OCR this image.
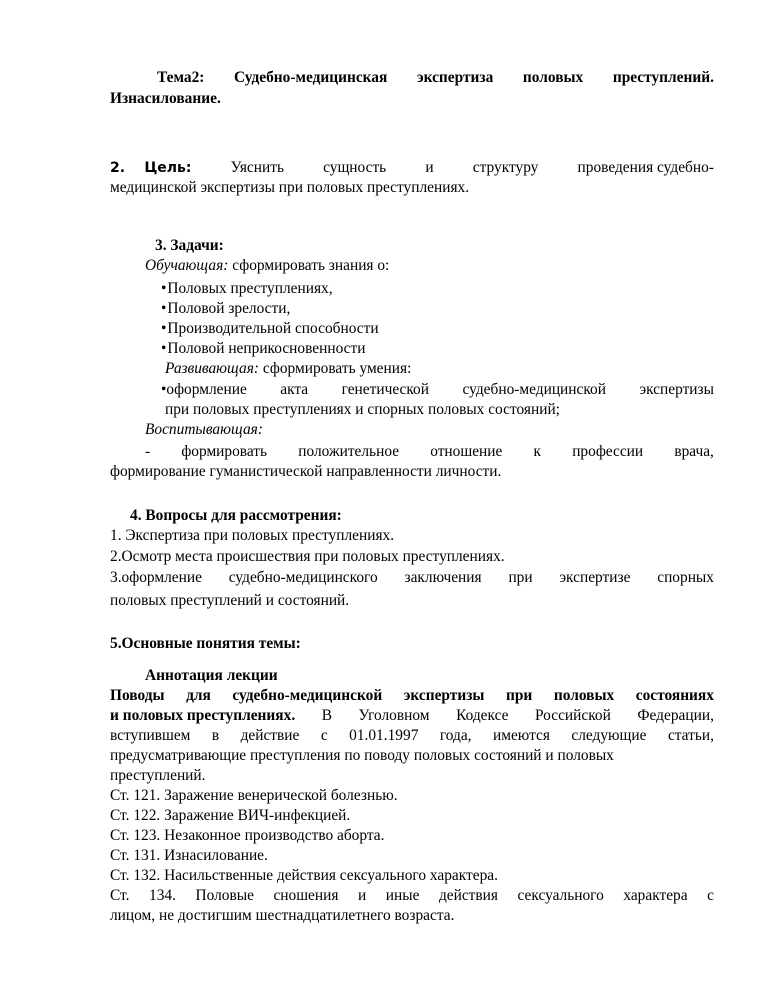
Тема2: Судебно-медицинская экспертиза половых преступлений.
Изнасилование.
2. Цель:	Уяснить	сущность	и	структуру	проведения судебно-
медицинской экспертизы при половых преступлениях.
3. Задачи:
Обучающая: сформировать знания о:
• Половых преступлениях,
• Половой зрелости,
• Производительной способности
• Половой неприкосновенности
Развивающая: сформировать умения:
•оформление акта генетической судебно-медицинской экспертизы
при половых преступлениях и спорных половых состояний;
Воспитывающая:
- формировать положительное отношение к профессии врача,
формирование гуманистической направленности личности.
4. Вопросы для рассмотрения:
1. Экспертиза при половых преступлениях.
2.Осмотр места происшествия при половых преступлениях.
3.оформление судебно-медицинского заключения при экспертизе спорных
половых преступлений и состояний.
5.Основные понятия темы:
Аннотация лекции
Поводы для судебно-медицинской экспертизы при половых состояниях
и половых преступлениях. В Уголовном Кодексе Российской Федерации,
вступившем в действие с 01.01.1997 года, имеются следующие статьи,
предусматривающие преступления по поводу половых состояний и половых
преступлений.
Ст. 121. Заражение венерической болезнью.
Ст. 122. Заражение ВИЧ-инфекцией.
Ст. 123. Незаконное производство аборта.
Ст. 131. Изнасилование.
Ст. 132. Насильственные действия сексуального характера.
Ст. 134. Половые сношения и иные действия сексуального характера с
лицом, не достигшим шестнадцатилетнего возраста.
